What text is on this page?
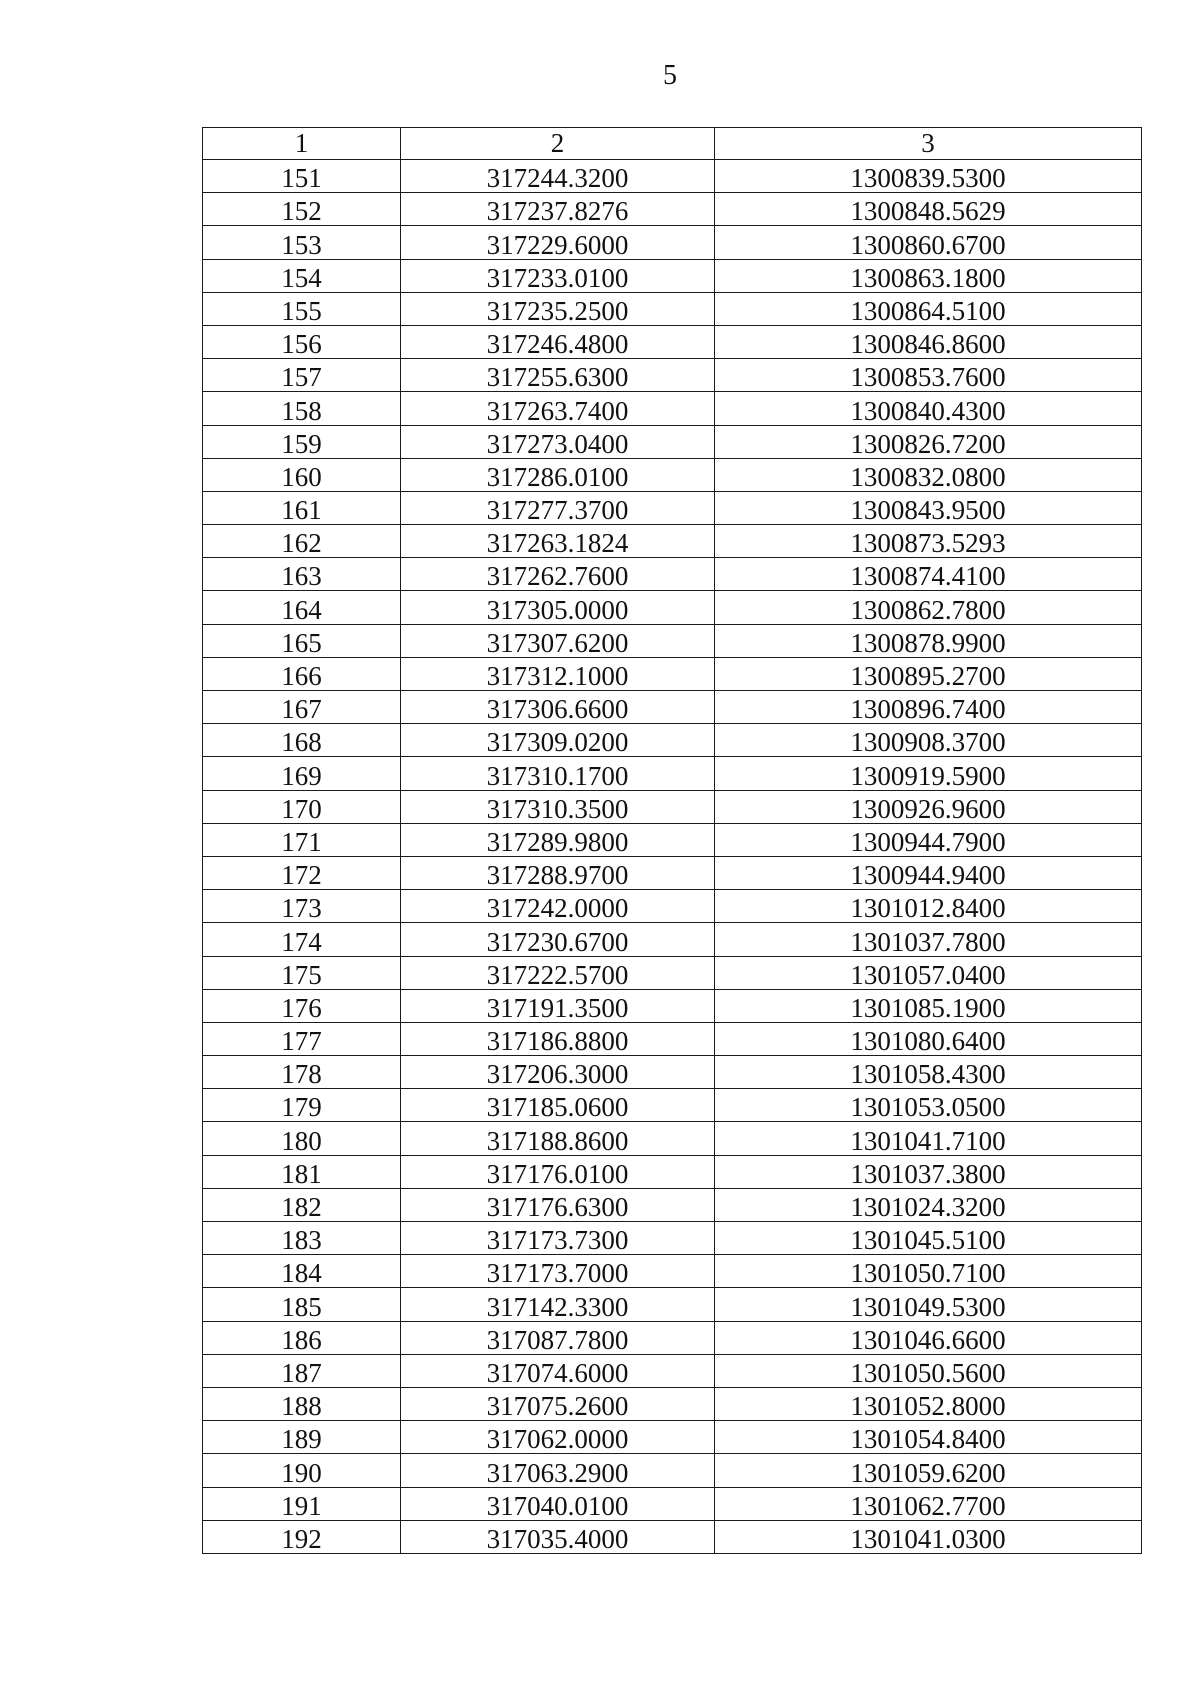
5
1	2	3
151	317244.3200	1300839.5300
152	317237.8276	1300848.5629
153	317229.6000	1300860.6700
154	317233.0100	1300863.1800
155	317235.2500	1300864.5100
156	317246.4800	1300846.8600
157	317255.6300	1300853.7600
158	317263.7400	1300840.4300
159	317273.0400	1300826.7200
160	317286.0100	1300832.0800
161	317277.3700	1300843.9500
162	317263.1824	1300873.5293
163	317262.7600	1300874.4100
164	317305.0000	1300862.7800
165	317307.6200	1300878.9900
166	317312.1000	1300895.2700
167	317306.6600	1300896.7400
168	317309.0200	1300908.3700
169	317310.1700	1300919.5900
170	317310.3500	1300926.9600
171	317289.9800	1300944.7900
172	317288.9700	1300944.9400
173	317242.0000	1301012.8400
174	317230.6700	1301037.7800
175	317222.5700	1301057.0400
176	317191.3500	1301085.1900
177	317186.8800	1301080.6400
178	317206.3000	1301058.4300
179	317185.0600	1301053.0500
180	317188.8600	1301041.7100
181	317176.0100	1301037.3800
182	317176.6300	1301024.3200
183	317173.7300	1301045.5100
184	317173.7000	1301050.7100
185	317142.3300	1301049.5300
186	317087.7800	1301046.6600
187	317074.6000	1301050.5600
188	317075.2600	1301052.8000
189	317062.0000	1301054.8400
190	317063.2900	1301059.6200
191	317040.0100	1301062.7700
192	317035.4000	1301041.0300
